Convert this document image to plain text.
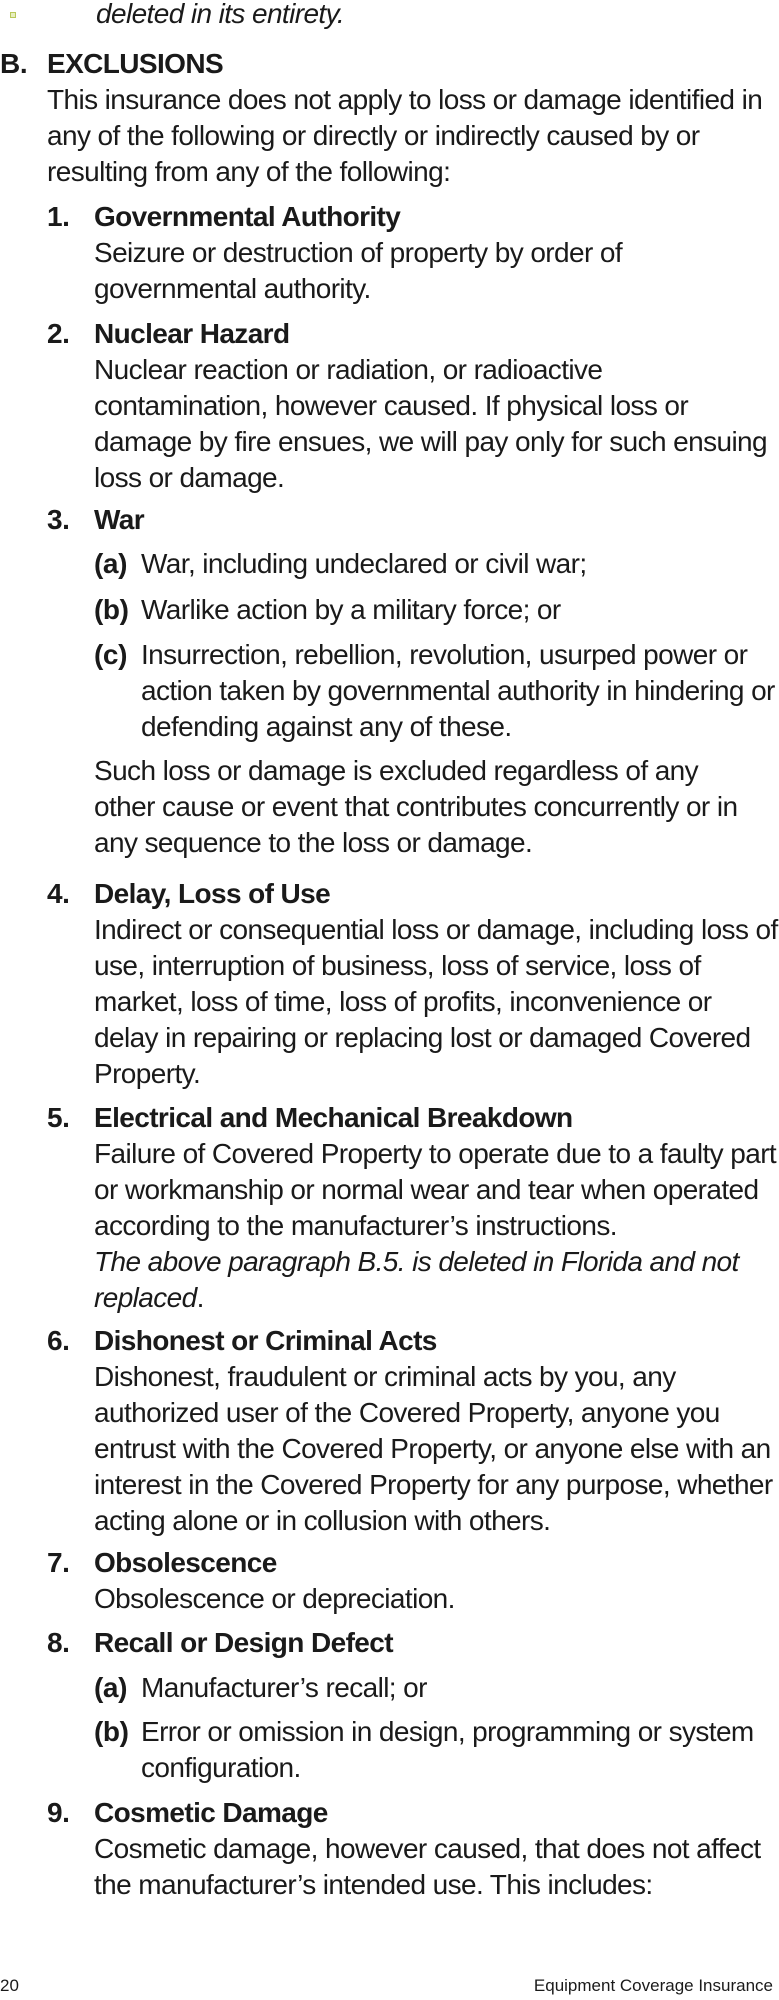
deleted in its entirety.
B. EXCLUSIONS
This insurance does not apply to loss or damage identified in
any of the following or directly or indirectly caused by or
resulting from any of the following:
1. Governmental Authority
Seizure or destruction of property by order of
governmental authority.
2. Nuclear Hazard
Nuclear reaction or radiation, or radioactive
contamination, however caused. If physical loss or
damage by fire ensues, we will pay only for such ensuing
loss or damage.
3. War
(a) War, including undeclared or civil war;
(b) Warlike action by a military force; or
(c) Insurrection, rebellion, revolution, usurped power or
action taken by governmental authority in hindering or
defending against any of these.
Such loss or damage is excluded regardless of any
other cause or event that contributes concurrently or in
any sequence to the loss or damage.
4. Delay, Loss of Use
Indirect or consequential loss or damage, including loss of
use, interruption of business, loss of service, loss of
market, loss of time, loss of profits, inconvenience or
delay in repairing or replacing lost or damaged Covered
Property.
5. Electrical and Mechanical Breakdown
Failure of Covered Property to operate due to a faulty part
or workmanship or normal wear and tear when operated
according to the manufacturer’s instructions.
The above paragraph B.5. is deleted in Florida and not
replaced.
6. Dishonest or Criminal Acts
Dishonest, fraudulent or criminal acts by you, any
authorized user of the Covered Property, anyone you
entrust with the Covered Property, or anyone else with an
interest in the Covered Property for any purpose, whether
acting alone or in collusion with others.
7. Obsolescence
Obsolescence or depreciation.
8. Recall or Design Defect
(a) Manufacturer’s recall; or
(b) Error or omission in design, programming or system
configuration.
9. Cosmetic Damage
Cosmetic damage, however caused, that does not affect
the manufacturer’s intended use. This includes:
20	Equipment Coverage Insurance
